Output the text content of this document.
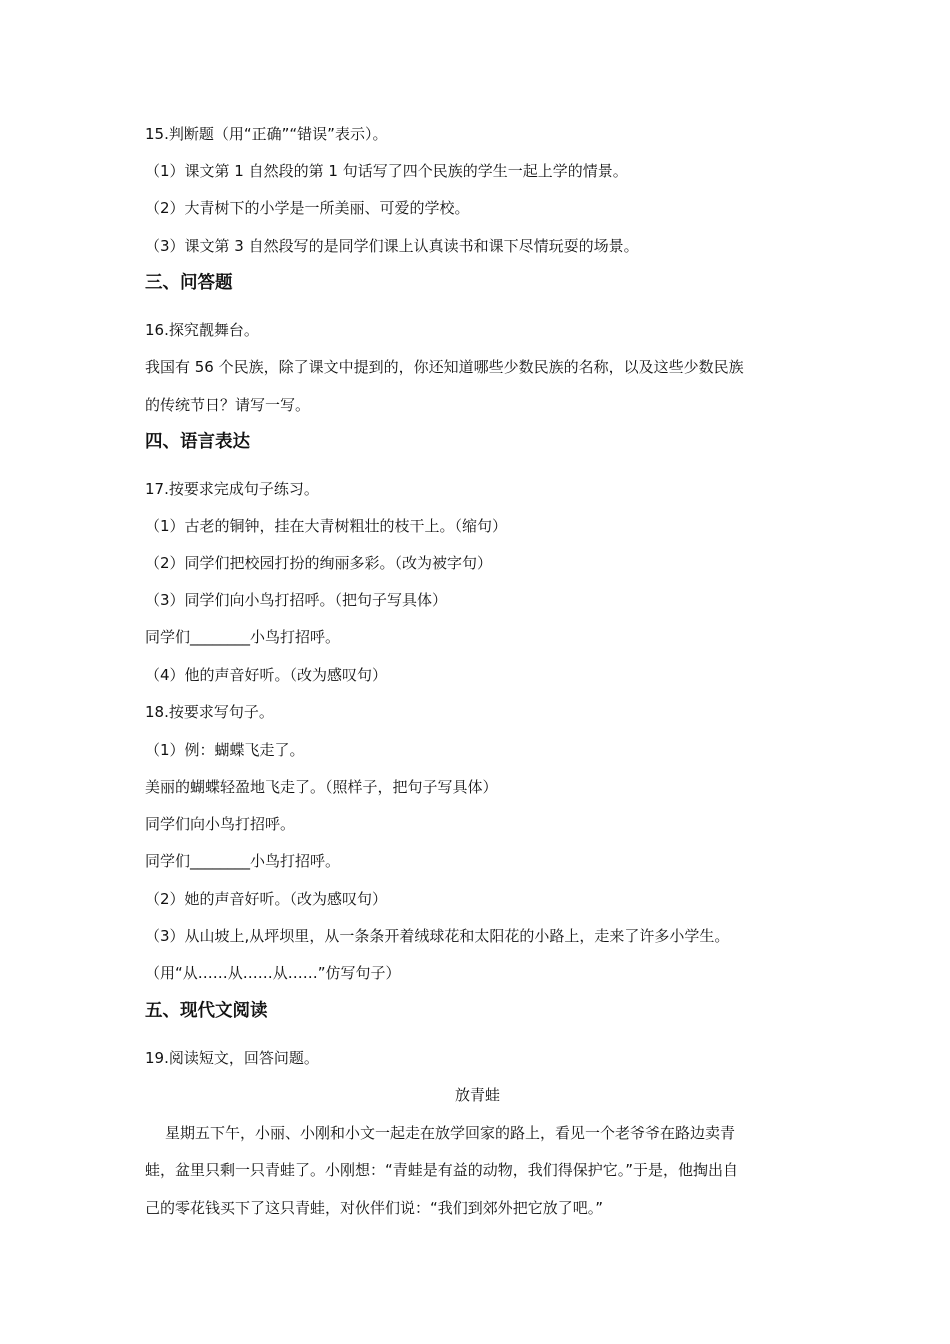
15.判断题（用“正确”“错误”表示）。
（1）课文第 1 自然段的第 1 句话写了四个民族的学生一起上学的情景。
（2）大青树下的小学是一所美丽、可爱的学校。
（3）课文第 3 自然段写的是同学们课上认真读书和课下尽情玩耍的场景。
三、问答题
16.探究靓舞台。
我国有 56 个民族，除了课文中提到的，你还知道哪些少数民族的名称，以及这些少数民族
的传统节日？请写一写。
四、语言表达
17.按要求完成句子练习。
（1）古老的铜钟，挂在大青树粗壮的枝干上。（缩句）
（2）同学们把校园打扮的绚丽多彩。（改为被字句）
（3）同学们向小鸟打招呼。（把句子写具体）
同学们________小鸟打招呼。
（4）他的声音好听。（改为感叹句）
18.按要求写句子。
（1）例：蝴蝶飞走了。
美丽的蝴蝶轻盈地飞走了。（照样子，把句子写具体）
同学们向小鸟打招呼。
同学们________小鸟打招呼。
（2）她的声音好听。（改为感叹句）
（3）从山坡上,从坪坝里，从一条条开着绒球花和太阳花的小路上，走来了许多小学生。
（用“从……从……从……”仿写句子）
五、现代文阅读
19.阅读短文，回答问题。
放青蛙
星期五下午，小丽、小刚和小文一起走在放学回家的路上，看见一个老爷爷在路边卖青
蛙，盆里只剩一只青蛙了。小刚想：“青蛙是有益的动物，我们得保护它。”于是，他掏出自
己的零花钱买下了这只青蛙，对伙伴们说：“我们到郊外把它放了吧。”
